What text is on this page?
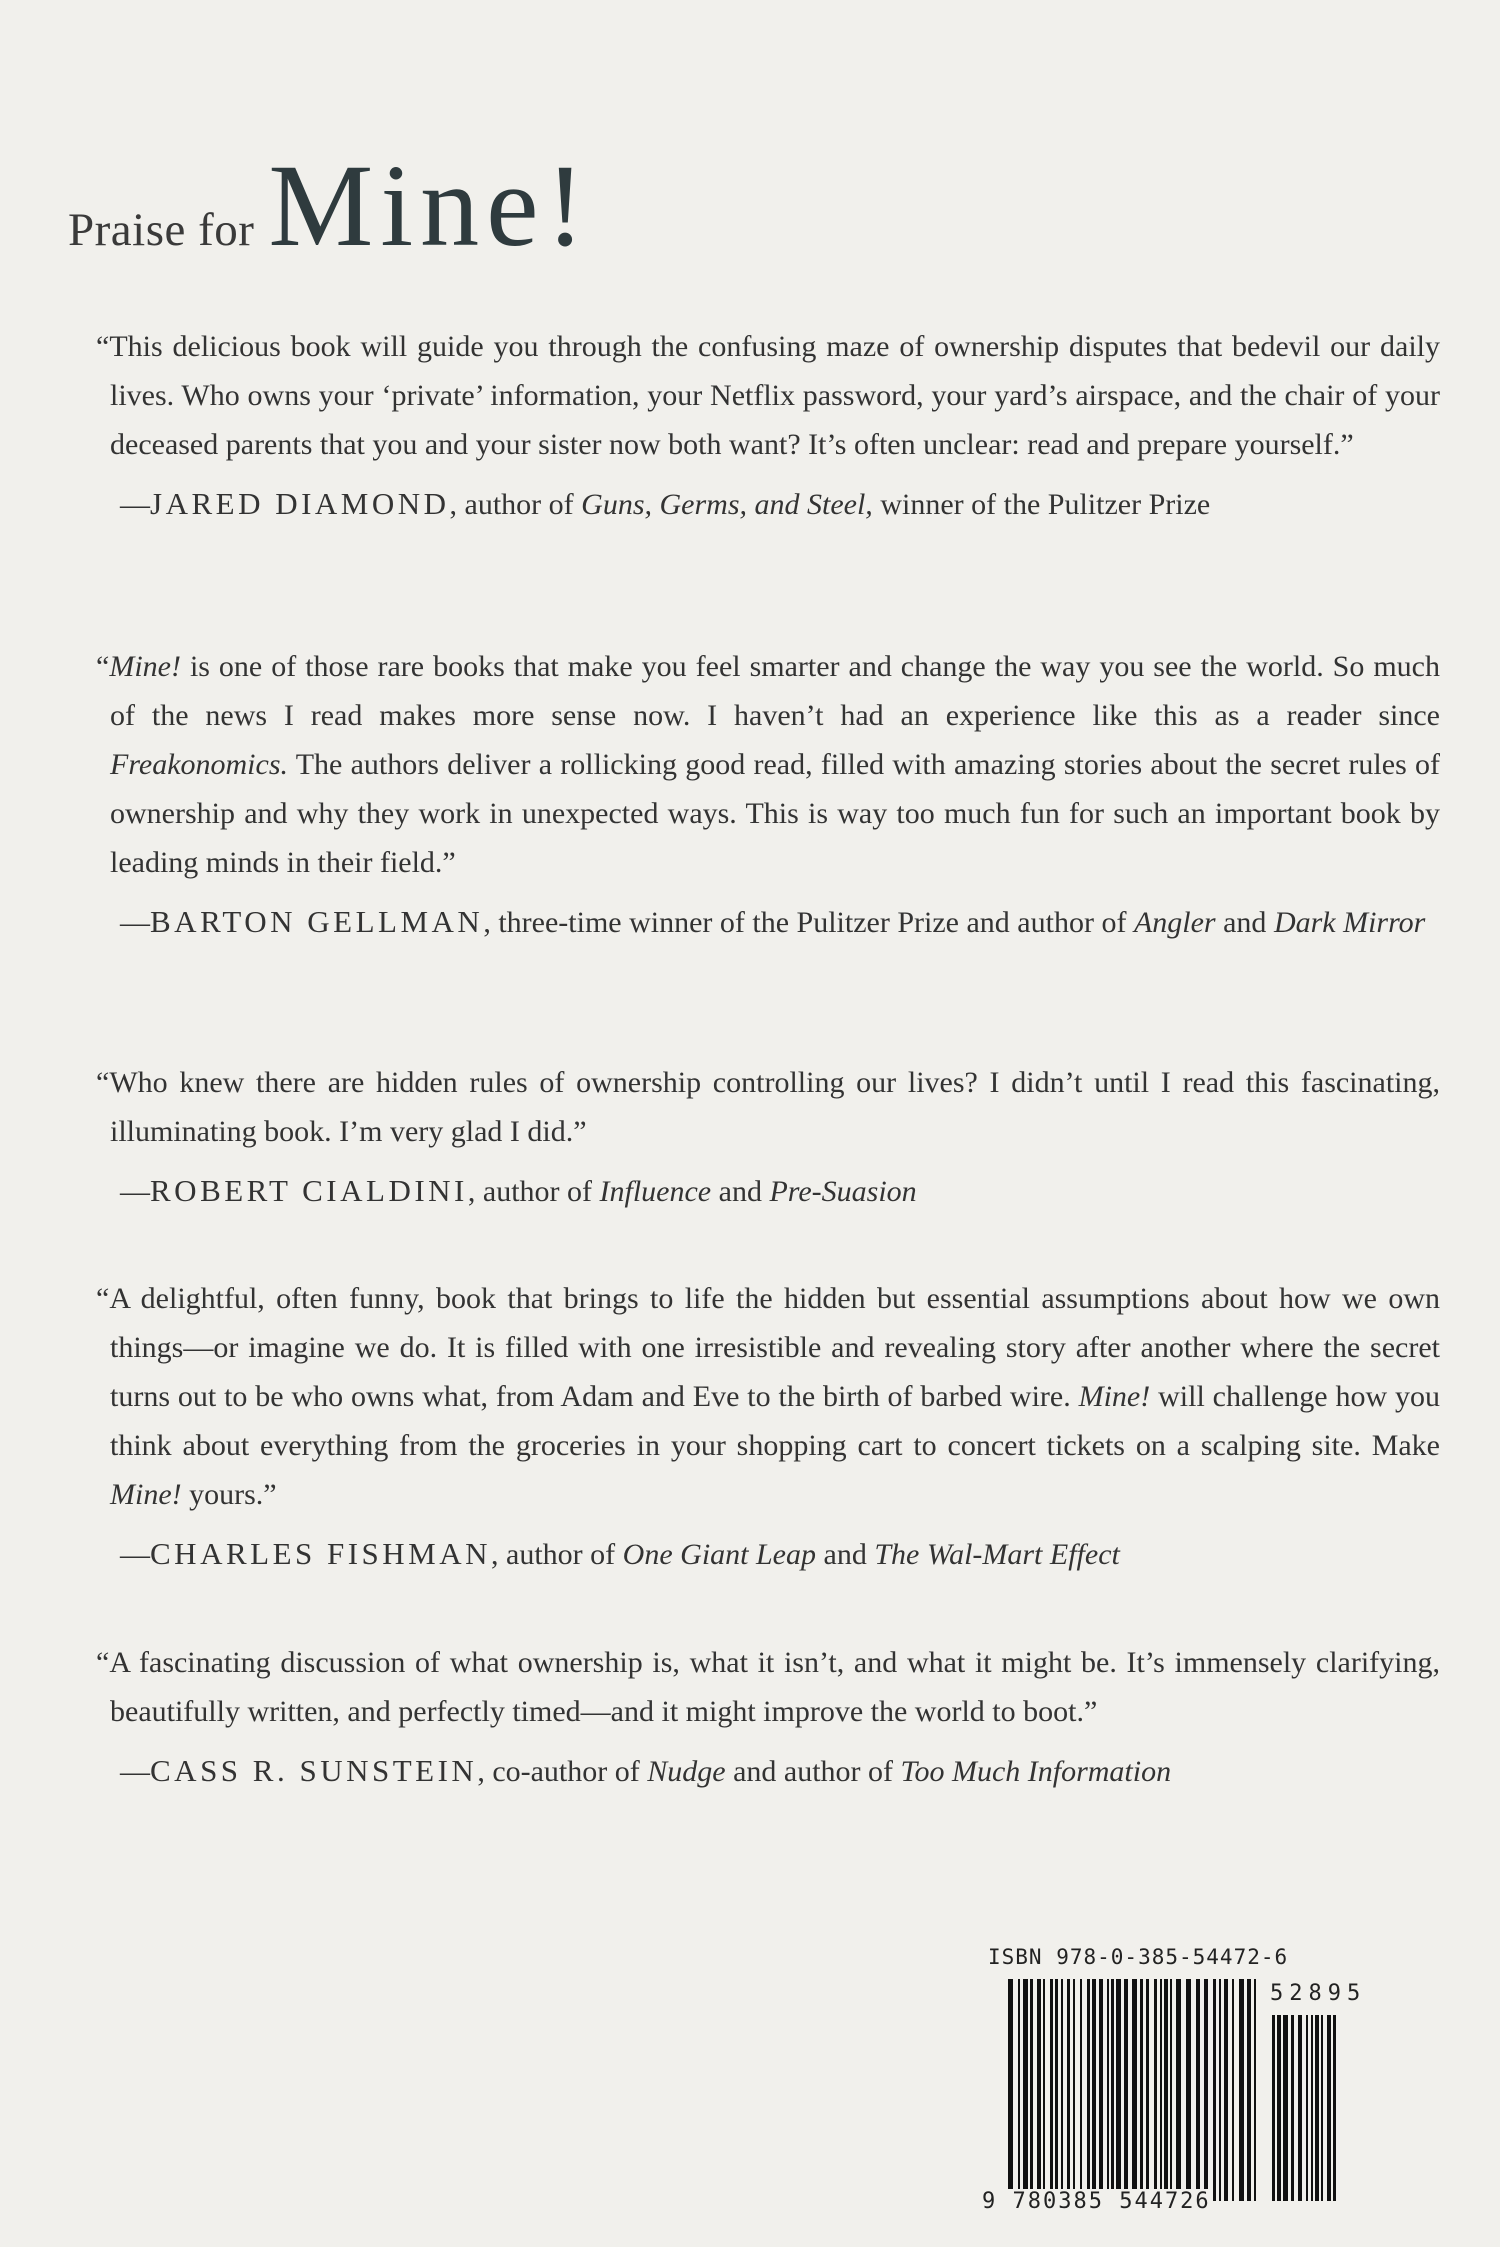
Praise for Mine!

“This delicious book will guide you through the confusing maze of ownership disputes that bedevil our daily lives. Who owns your ‘private’ information, your Netflix password, your yard’s airspace, and the chair of your deceased parents that you and your sister now both want? It’s often unclear: read and prepare yourself.”

—JARED DIAMOND, author of Guns, Germs, and Steel, winner of the Pulitzer Prize

“Mine! is one of those rare books that make you feel smarter and change the way you see the world. So much of the news I read makes more sense now. I haven’t had an experience like this as a reader since Freakonomics. The authors deliver a rollicking good read, filled with amazing stories about the secret rules of ownership and why they work in unexpected ways. This is way too much fun for such an important book by leading minds in their field.”

—BARTON GELLMAN, three-time winner of the Pulitzer Prize and author of Angler and Dark Mirror

“Who knew there are hidden rules of ownership controlling our lives? I didn’t until I read this fascinating, illuminating book. I’m very glad I did.”

—ROBERT CIALDINI, author of Influence and Pre-Suasion

“A delightful, often funny, book that brings to life the hidden but essential assumptions about how we own things—or imagine we do. It is filled with one irresistible and revealing story after another where the secret turns out to be who owns what, from Adam and Eve to the birth of barbed wire. Mine! will challenge how you think about everything from the groceries in your shopping cart to concert tickets on a scalping site. Make Mine! yours.”

—CHARLES FISHMAN, author of One Giant Leap and The Wal-Mart Effect

“A fascinating discussion of what ownership is, what it isn’t, and what it might be. It’s immensely clarifying, beautifully written, and perfectly timed—and it might improve the world to boot.”

—CASS R. SUNSTEIN, co-author of Nudge and author of Too Much Information

ISBN 978-0-385-54472-6
9 780385 544726
52895
